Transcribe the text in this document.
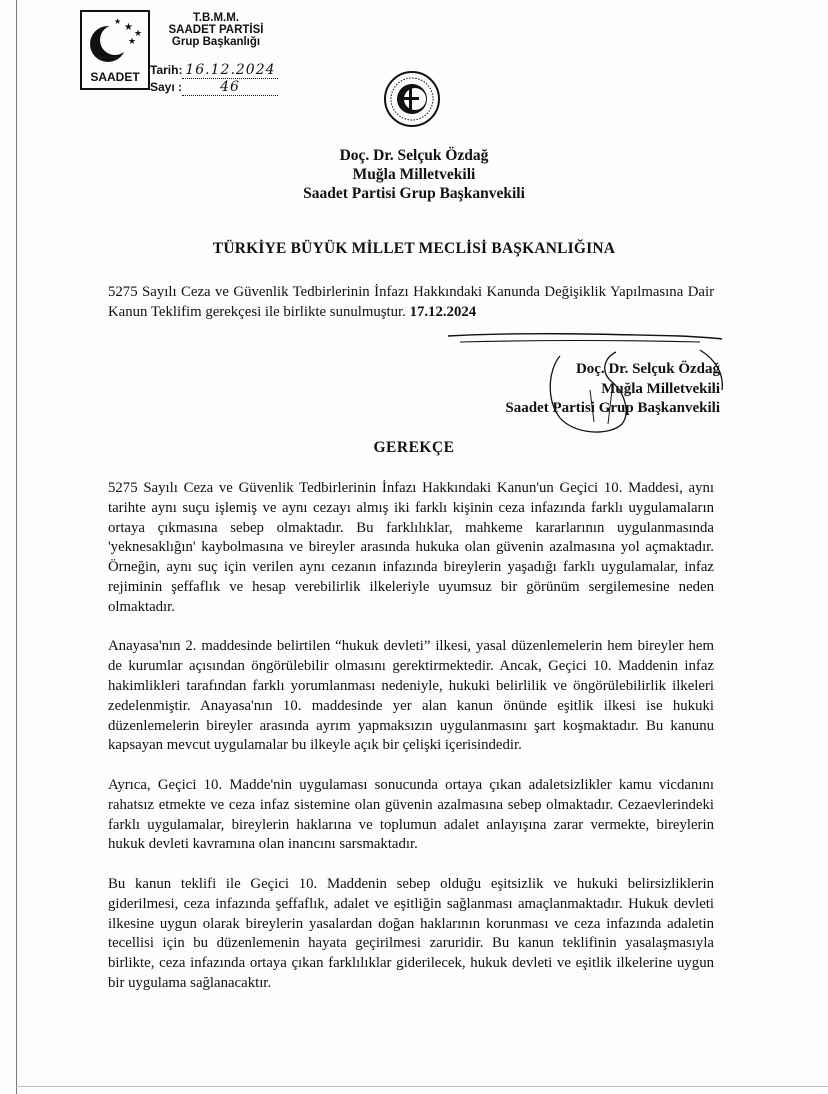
★
★
★
★
SAADET
T.B.M.M.
SAADET PARTİSİ
Grup Başkanlığı
Tarih: 16.12.2024
Sayı :	46
Doç. Dr. Selçuk Özdağ
Muğla Milletvekili
Saadet Partisi Grup Başkanvekili
TÜRKİYE BÜYÜK MİLLET MECLİSİ BAŞKANLIĞINA
5275 Sayılı Ceza ve Güvenlik Tedbirlerinin İnfazı Hakkındaki Kanunda Değişiklik Yapılmasına Dair Kanun Teklifim gerekçesi ile birlikte sunulmuştur. 17.12.2024
Doç. Dr. Selçuk Özdağ
Muğla Milletvekili
Saadet Partisi Grup Başkanvekili
GEREKÇE

5275 Sayılı Ceza ve Güvenlik Tedbirlerinin İnfazı Hakkındaki Kanun'un Geçici 10. Maddesi, aynı tarihte aynı suçu işlemiş ve aynı cezayı almış iki farklı kişinin ceza infazında farklı uygulamaların ortaya çıkmasına sebep olmaktadır. Bu farklılıklar, mahkeme kararlarının uygulanmasında 'yeknesaklığın' kaybolmasına ve bireyler arasında hukuka olan güvenin azalmasına yol açmaktadır. Örneğin, aynı suç için verilen aynı cezanın infazında bireylerin yaşadığı farklı uygulamalar, infaz rejiminin şeffaflık ve hesap verebilirlik ilkeleriyle uyumsuz bir görünüm sergilemesine neden olmaktadır.

Anayasa'nın 2. maddesinde belirtilen “hukuk devleti” ilkesi, yasal düzenlemelerin hem bireyler hem de kurumlar açısından öngörülebilir olmasını gerektirmektedir. Ancak, Geçici 10. Maddenin infaz hakimlikleri tarafından farklı yorumlanması nedeniyle, hukuki belirlilik ve öngörülebilirlik ilkeleri zedelenmiştir. Anayasa'nın 10. maddesinde yer alan kanun önünde eşitlik ilkesi ise hukuki düzenlemelerin bireyler arasında ayrım yapmaksızın uygulanmasını şart koşmaktadır. Bu kanunu kapsayan mevcut uygulamalar bu ilkeyle açık bir çelişki içerisindedir.

Ayrıca, Geçici 10. Madde'nin uygulaması sonucunda ortaya çıkan adaletsizlikler kamu vicdanını rahatsız etmekte ve ceza infaz sistemine olan güvenin azalmasına sebep olmaktadır. Cezaevlerindeki farklı uygulamalar, bireylerin haklarına ve toplumun adalet anlayışına zarar vermekte, bireylerin hukuk devleti kavramına olan inancını sarsmaktadır.

Bu kanun teklifi ile Geçici 10. Maddenin sebep olduğu eşitsizlik ve hukuki belirsizliklerin giderilmesi, ceza infazında şeffaflık, adalet ve eşitliğin sağlanması amaçlanmaktadır. Hukuk devleti ilkesine uygun olarak bireylerin yasalardan doğan haklarının korunması ve ceza infazında adaletin tecellisi için bu düzenlemenin hayata geçirilmesi zaruridir. Bu kanun teklifinin yasalaşmasıyla birlikte, ceza infazında ortaya çıkan farklılıklar giderilecek, hukuk devleti ve eşitlik ilkelerine uygun bir uygulama sağlanacaktır.
